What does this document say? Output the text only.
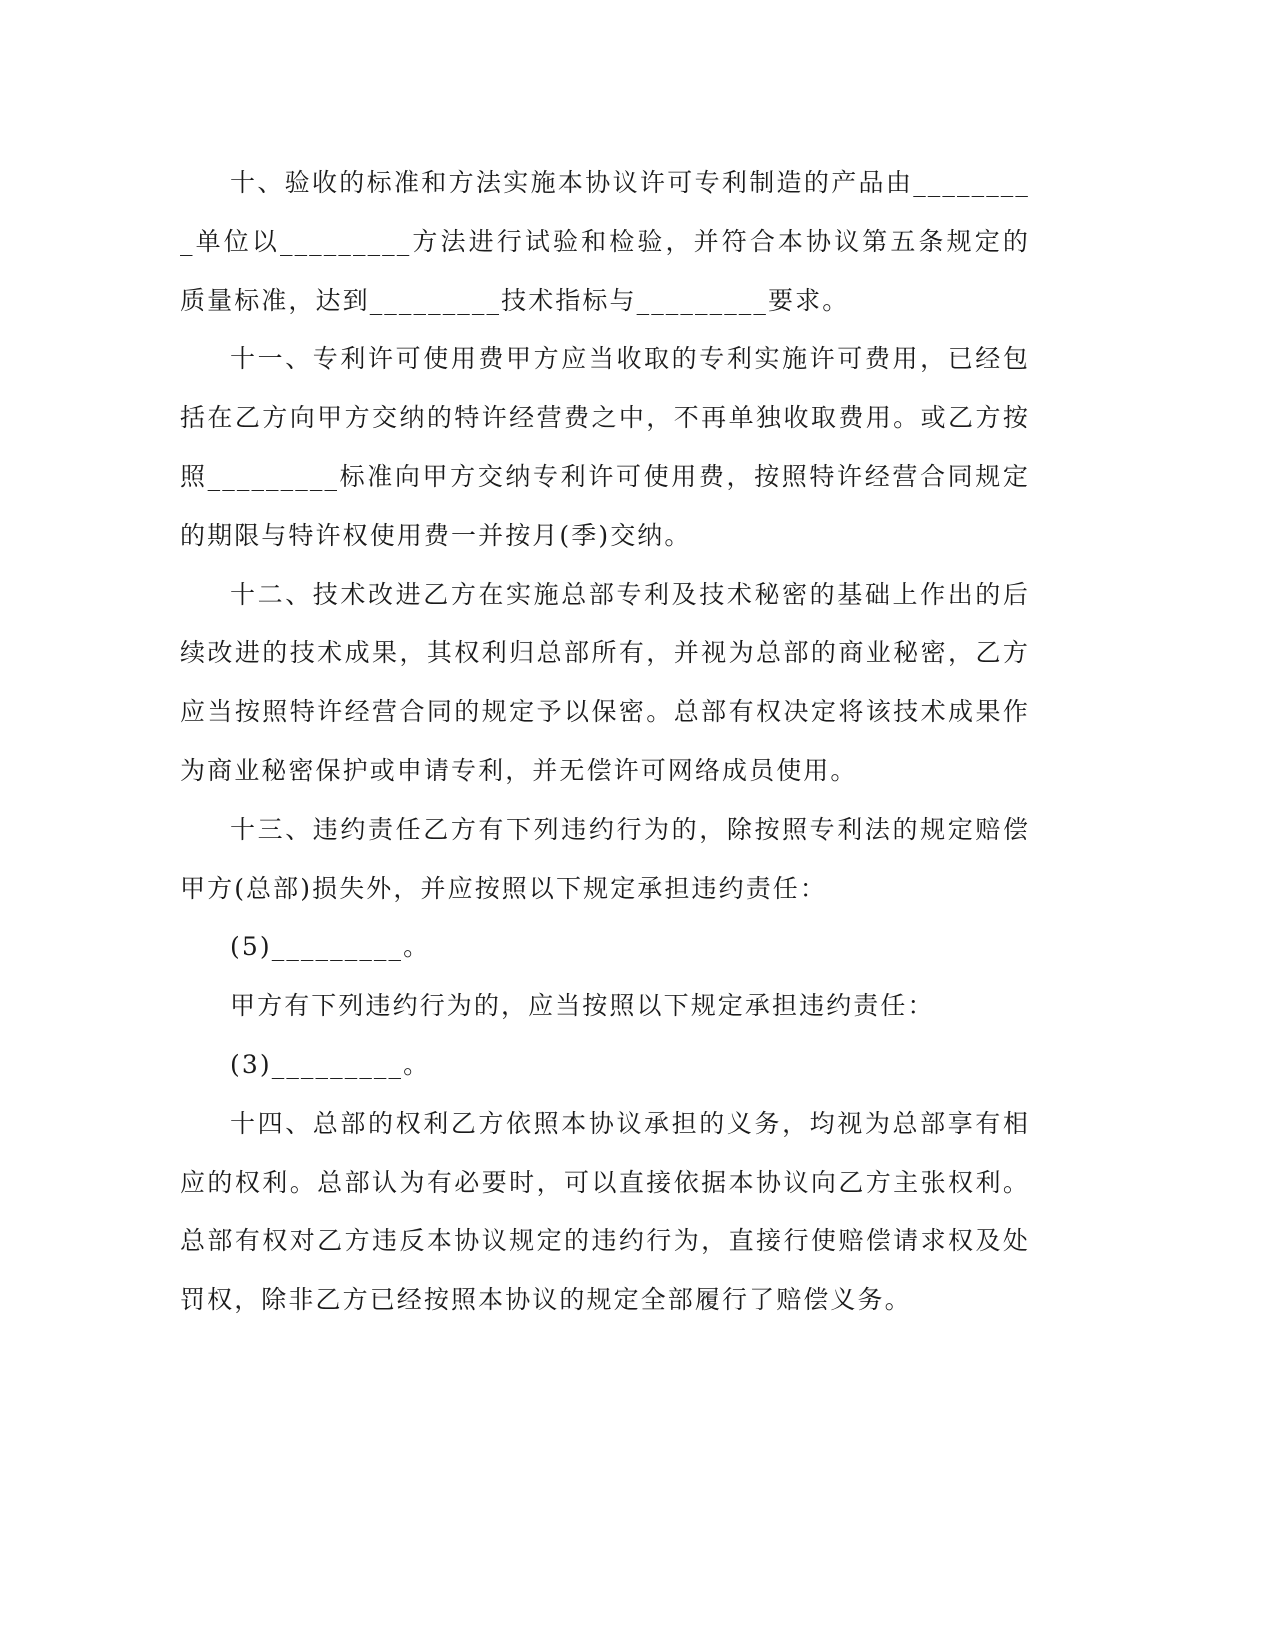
十、验收的标准和方法实施本协议许可专利制造的产品由_________单位以_________方法进行试验和检验，并符合本协议第五条规定的质量标准，达到_________技术指标与_________要求。

十一、专利许可使用费甲方应当收取的专利实施许可费用，已经包括在乙方向甲方交纳的特许经营费之中，不再单独收取费用。或乙方按照_________标准向甲方交纳专利许可使用费，按照特许经营合同规定的期限与特许权使用费一并按月(季)交纳。

十二、技术改进乙方在实施总部专利及技术秘密的基础上作出的后续改进的技术成果，其权利归总部所有，并视为总部的商业秘密，乙方应当按照特许经营合同的规定予以保密。总部有权决定将该技术成果作为商业秘密保护或申请专利，并无偿许可网络成员使用。

十三、违约责任乙方有下列违约行为的，除按照专利法的规定赔偿甲方(总部)损失外，并应按照以下规定承担违约责任：

(5)_________。

甲方有下列违约行为的，应当按照以下规定承担违约责任：

(3)_________。

十四、总部的权利乙方依照本协议承担的义务，均视为总部享有相应的权利。总部认为有必要时，可以直接依据本协议向乙方主张权利。总部有权对乙方违反本协议规定的违约行为，直接行使赔偿请求权及处罚权，除非乙方已经按照本协议的规定全部履行了赔偿义务。
